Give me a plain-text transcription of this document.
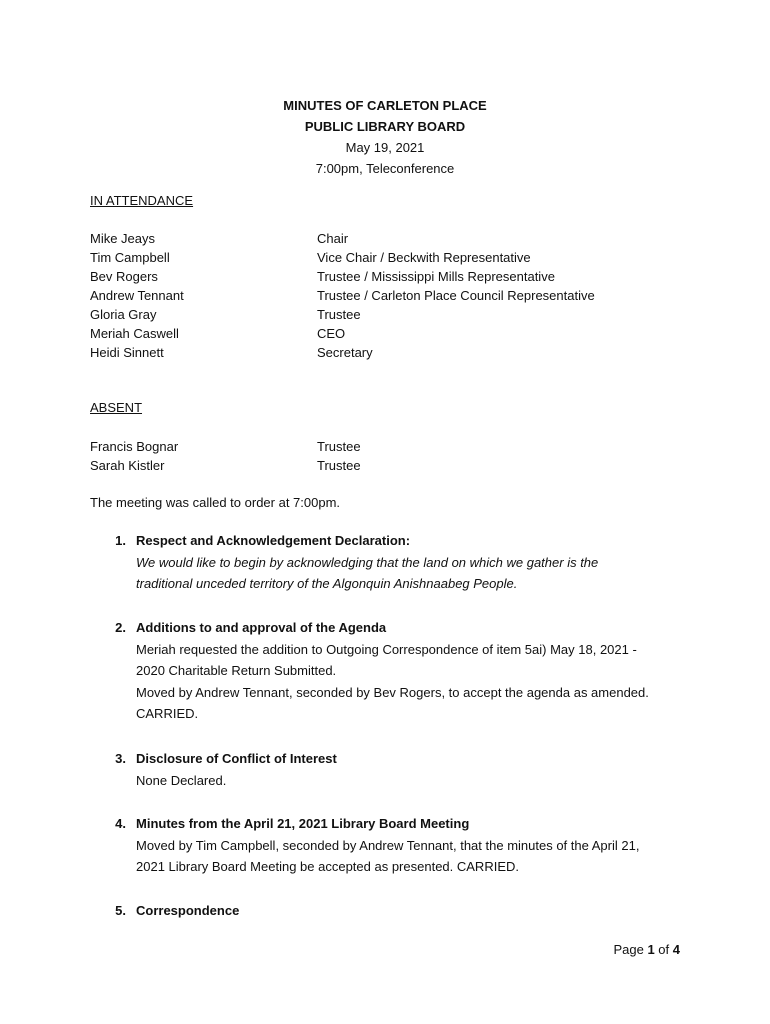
MINUTES OF CARLETON PLACE
PUBLIC LIBRARY BOARD
May 19, 2021
7:00pm, Teleconference
IN ATTENDANCE
Mike Jeays	Chair
Tim Campbell	Vice Chair / Beckwith Representative
Bev Rogers	Trustee / Mississippi Mills Representative
Andrew Tennant	Trustee / Carleton Place Council Representative
Gloria Gray	Trustee
Meriah Caswell	CEO
Heidi Sinnett	Secretary
ABSENT
Francis Bognar	Trustee
Sarah Kistler	Trustee
The meeting was called to order at 7:00pm.
1. Respect and Acknowledgement Declaration:
We would like to begin by acknowledging that the land on which we gather is the
traditional unceded territory of the Algonquin Anishnaabeg People.
2. Additions to and approval of the Agenda
Meriah requested the addition to Outgoing Correspondence of item 5ai) May 18, 2021 -
2020 Charitable Return Submitted.
Moved by Andrew Tennant, seconded by Bev Rogers, to accept the agenda as amended.
CARRIED.
3. Disclosure of Conflict of Interest
None Declared.
4. Minutes from the April 21, 2021 Library Board Meeting
Moved by Tim Campbell, seconded by Andrew Tennant, that the minutes of the April 21,
2021 Library Board Meeting be accepted as presented. CARRIED.
5. Correspondence
Page 1 of 4
